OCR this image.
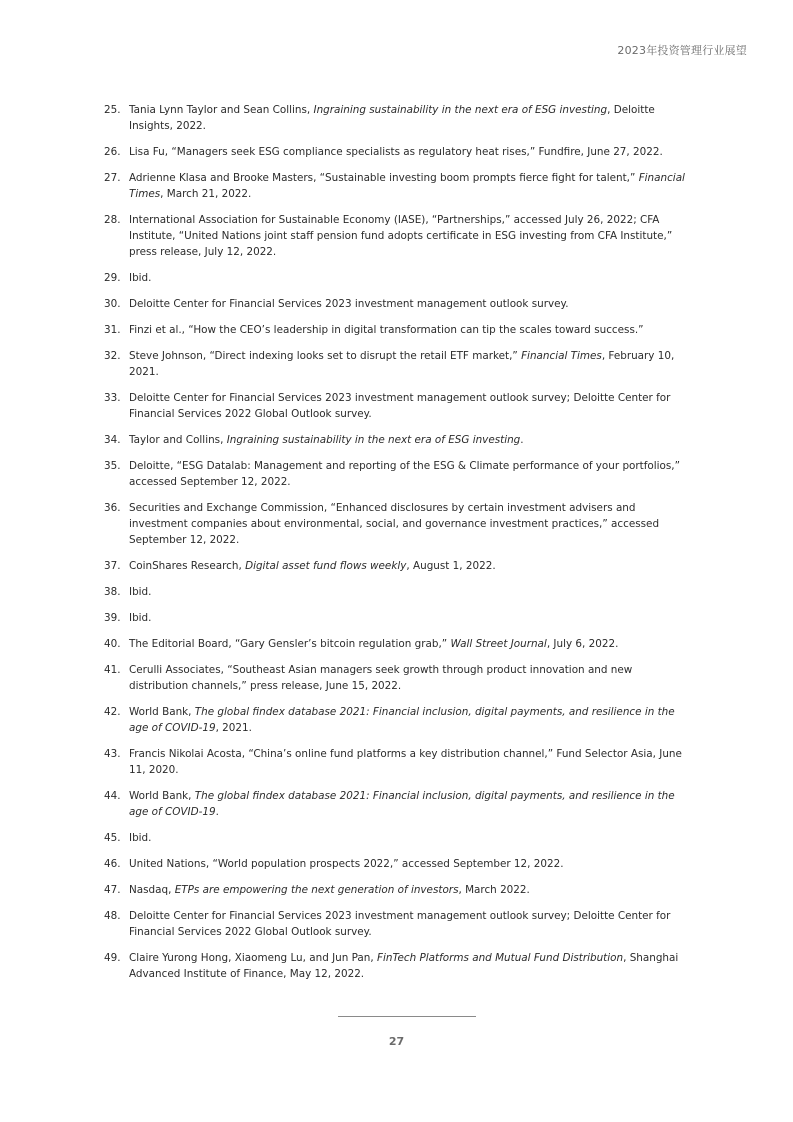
2023年投资管理行业展望
25. Tania Lynn Taylor and Sean Collins, Ingraining sustainability in the next era of ESG investing, Deloitte Insights, 2022.
26. Lisa Fu, “Managers seek ESG compliance specialists as regulatory heat rises,” Fundfire, June 27, 2022.
27. Adrienne Klasa and Brooke Masters, “Sustainable investing boom prompts fierce fight for talent,” Financial Times, March 21, 2022.
28. International Association for Sustainable Economy (IASE), “Partnerships,” accessed July 26, 2022; CFA Institute, “United Nations joint staff pension fund adopts certificate in ESG investing from CFA Institute,” press release, July 12, 2022.
29. Ibid.
30. Deloitte Center for Financial Services 2023 investment management outlook survey.
31. Finzi et al., “How the CEO’s leadership in digital transformation can tip the scales toward success.”
32. Steve Johnson, “Direct indexing looks set to disrupt the retail ETF market,” Financial Times, February 10, 2021.
33. Deloitte Center for Financial Services 2023 investment management outlook survey; Deloitte Center for Financial Services 2022 Global Outlook survey.
34. Taylor and Collins, Ingraining sustainability in the next era of ESG investing.
35. Deloitte, “ESG Datalab: Management and reporting of the ESG & Climate performance of your portfolios,” accessed September 12, 2022.
36. Securities and Exchange Commission, “Enhanced disclosures by certain investment advisers and investment companies about environmental, social, and governance investment practices,” accessed September 12, 2022.
37. CoinShares Research, Digital asset fund flows weekly, August 1, 2022.
38. Ibid.
39. Ibid.
40. The Editorial Board, “Gary Gensler’s bitcoin regulation grab,” Wall Street Journal, July 6, 2022.
41. Cerulli Associates, “Southeast Asian managers seek growth through product innovation and new distribution channels,” press release, June 15, 2022.
42. World Bank, The global findex database 2021: Financial inclusion, digital payments, and resilience in the age of COVID-19, 2021.
43. Francis Nikolai Acosta, “China’s online fund platforms a key distribution channel,” Fund Selector Asia, June 11, 2020.
44. World Bank, The global findex database 2021: Financial inclusion, digital payments, and resilience in the age of COVID-19.
45. Ibid.
46. United Nations, “World population prospects 2022,” accessed September 12, 2022.
47. Nasdaq, ETPs are empowering the next generation of investors, March 2022.
48. Deloitte Center for Financial Services 2023 investment management outlook survey; Deloitte Center for Financial Services 2022 Global Outlook survey.
49. Claire Yurong Hong, Xiaomeng Lu, and Jun Pan, FinTech Platforms and Mutual Fund Distribution, Shanghai Advanced Institute of Finance, May 12, 2022.
27
